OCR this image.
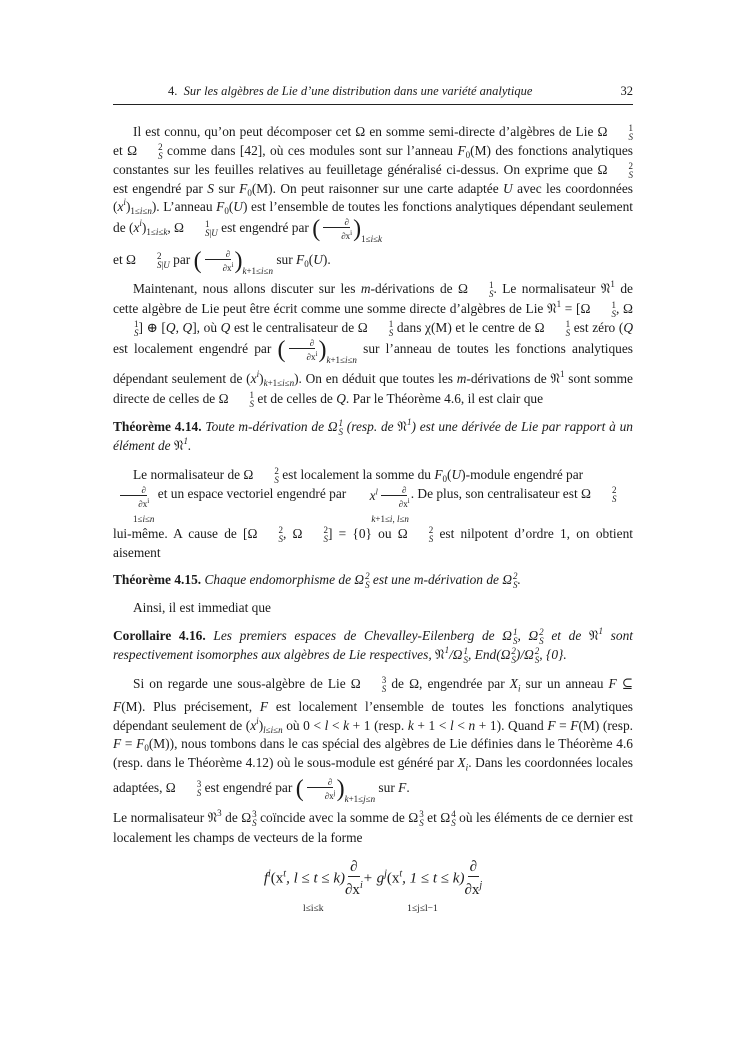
4. Sur les algèbres de Lie d’une distribution dans une variété analytique	32

Il est connu, qu’on peut décomposer cet Ω en somme semi-directe d’algèbres de Lie Ω	1
S
et Ω	2
S comme dans [42], où ces modules sont sur l’anneau $F_0(M)$ des fonctions analytiques constantes sur les feuilles relatives au feuilletage généralisé ci-dessus. On exprime que Ω	2
S
est engendré par S sur $F_0(M)$. On peut raisonner sur une carte adaptée U avec les coordonnées $(x^i)_{1\le i\le n}$). L’anneau $F_0(U)$ est l’ensemble de toutes les fonctions analytiques dépendant seulement de $(x^i)_{1\le i\le k}$, Ω	1
S|U est engendré par ( $\frac{\partial}{\partial x^i} )_{1\le i\le k}$
et Ω	2
S|U par ( $\frac{\partial}{\partial x^i} )_{k+1\le i\le n}$ sur $F_0(U)$.

Maintenant, nous allons discuter sur les m-dérivations de Ω	1
S . Le normalisateur 𝔑$^1$ de cette algèbre de Lie peut être écrit comme une somme directe d’algèbres de Lie 𝔑$^1$ = [Ω	1
S , Ω
1
S ] ⊕ [Q, Q], où Q est le centralisateur de Ω	1
S dans χ(M) et le centre de Ω	1
S est zéro (Q est localement engendré par ( $\frac{\partial}{\partial x^i} )_{k+1\le i\le n}$ sur l’anneau de toutes les fonctions analytiques dépendant seulement de $(x^i)_{k+1\le i\le n}$). On en déduit que toutes les m-dérivations de 𝔑$^1$ sont somme directe de celles de Ω	1
S et de celles de Q. Par le Théorème 4.6, il est clair que

Théorème 4.14. Toute m-dérivation de Ω 1
S (resp. de 𝔑$^1$) est une dérivée de Lie par rapport à un élément de 𝔑$^1$.

Le normalisateur de Ω	2
S est localement la somme du $F_0(U)$-module engendré par

$\frac{\partial}{\partial x^i}$
1≤i≤n
et un espace vectoriel engendré par	$x^l \frac{\partial}{\partial x^i}$
k+1≤i, l≤n
. De plus, son centralisateur est Ω	2
S

lui-même. A cause de [Ω	2
S , Ω	2
S ] = {0} ou Ω	2
S est nilpotent d’ordre 1, on obtient aisement

Théorème 4.15. Chaque endomorphisme de Ω 2
S est une m-dérivation de Ω 2
S .

Ainsi, il est immediat que

Corollaire 4.16. Les premiers espaces de Chevalley-Eilenberg de Ω 1
S , Ω 2
S et de 𝔑$^1$ sont respectivement isomorphes aux algèbres de Lie respectives, 𝔑$^1$/Ω 1
S , End(Ω 2
S )/Ω 2
S , {0}.

Si on regarde une sous-algèbre de Lie Ω	3
S de Ω, engendrée par $X_i$ sur un anneau F ⊆ F(M). Plus précisement, F est localement l’ensemble de toutes les fonctions analytiques dépendant seulement de $(x^i)_{l\le i\le n}$ où 0 < l < k + 1 (resp. k + 1 < l < n + 1). Quand F = F(M) (resp. $F = F_0(M)$), nous tombons dans le cas spécial des algèbres de Lie définies dans le Théorème 4.6 (resp. dans le Théorème 4.12) où le sous-module est généré par $X_i$. Dans les coordonnées locales adaptées, Ω	3
S est engendré par ( $\frac{\partial}{\partial x^j} )_{k+1\le j\le n}$ sur F.

Le normalisateur 𝔑$^3$ de Ω 3
S coïncide avec la somme de Ω 3
S et Ω 4
S où les éléments de ce dernier est localement les champs de vecteurs de la forme

$f^i(x^t$, l ≤ t ≤ k)
∂
$\partial x^i$
l≤i≤k
+ $g^j(x^t$, 1 ≤ t ≤ k)
∂
$\partial x^j$
1≤j≤l−1
